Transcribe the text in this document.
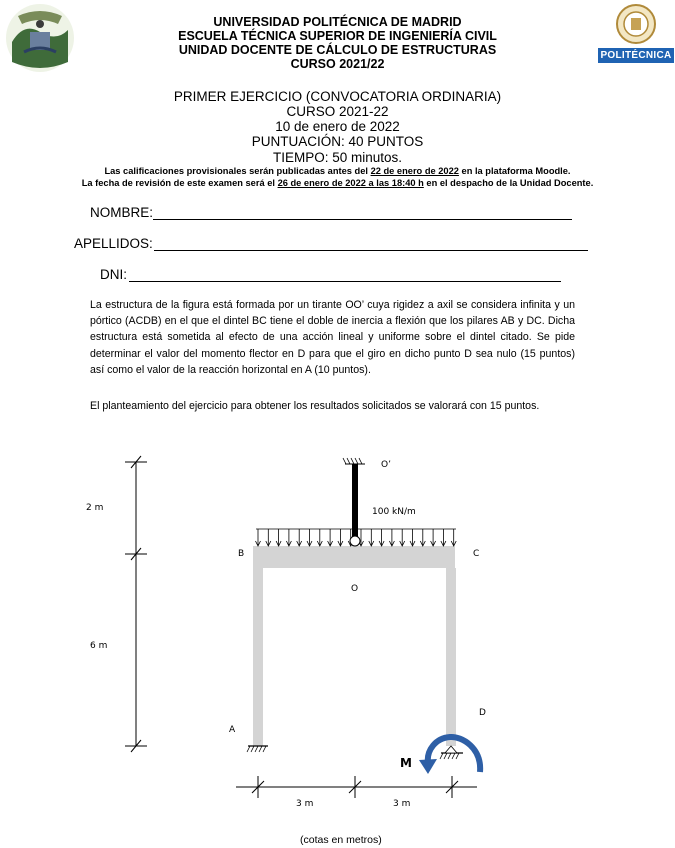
UNIVERSIDAD POLITÉCNICA DE MADRID
ESCUELA TÉCNICA SUPERIOR DE INGENIERÍA CIVIL
UNIDAD DOCENTE DE CÁLCULO DE ESTRUCTURAS
CURSO 2021/22
POLITÉCNICA
PRIMER EJERCICIO (CONVOCATORIA ORDINARIA)
CURSO 2021-22
10 de enero de 2022
PUNTUACIÓN: 40 PUNTOS
TIEMPO: 50 minutos.
Las calificaciones provisionales serán publicadas antes del 22 de enero de 2022 en la plataforma Moodle.
La fecha de revisión de este examen será el 26 de enero de 2022 a las 18:40 h en el despacho de la Unidad Docente.
NOMBRE:
APELLIDOS:
DNI:
La estructura de la figura está formada por un tirante OO’ cuya rigidez a axil se considera infinita y un pórtico (ACDB) en el que el dintel BC tiene el doble de inercia a flexión que los pilares AB y DC. Dicha estructura está sometida al efecto de una acción lineal y uniforme sobre el dintel citado. Se pide determinar el valor del momento flector en D para que el giro en dicho punto D sea nulo (15 puntos) así como el valor de la reacción horizontal en A (10 puntos).
El planteamiento del ejercicio para obtener los resultados solicitados se valorará con 15 puntos.
2 m
6 m
3 m	3 m
100 kN/m
O’
B	C
O
A
D
M
(cotas en metros)
